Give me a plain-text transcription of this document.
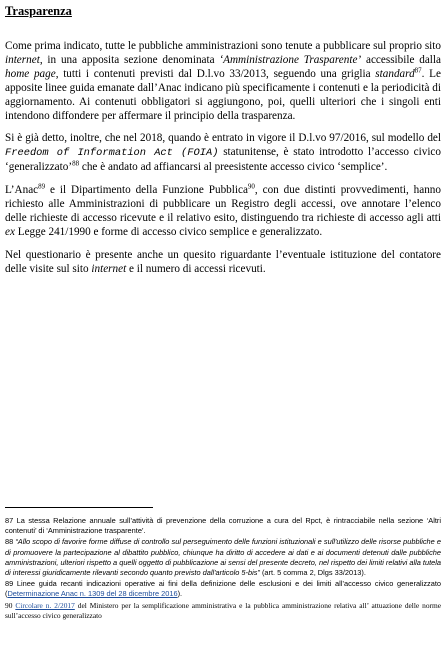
Trasparenza

Come prima indicato, tutte le pubbliche amministrazioni sono tenute a pubblicare sul proprio sito internet, in una apposita sezione denominata ‘Amministrazione Trasparente’ accessibile dalla home page, tutti i contenuti previsti dal D.l.vo 33/2013, seguendo una griglia standard$^{87}$. Le apposite linee guida emanate dall’Anac indicano più specificamente i contenuti e la periodicità di aggiornamento. Ai contenuti obbligatori si aggiungono, poi, quelli ulteriori che i singoli enti intendono diffondere per affermare il principio della trasparenza.

Si è già detto, inoltre, che nel 2018, quando è entrato in vigore il D.l.vo 97/2016, sul modello del Freedom of Information Act (FOIA) statunitense, è stato introdotto l’accesso civico ‘generalizzato’$^{88}$ che è andato ad affiancarsi al preesistente accesso civico ‘semplice’.

L’Anac$^{89}$ e il Dipartimento della Funzione Pubblica$^{90}$, con due distinti provvedimenti, hanno richiesto alle Amministrazioni di pubblicare un Registro degli accessi, ove annotare l’elenco delle richieste di accesso ricevute e il relativo esito, distinguendo tra richieste di accesso agli atti ex Legge 241/1990 e forme di accesso civico semplice e generalizzato.

Nel questionario è presente anche un quesito riguardante l’eventuale istituzione del contatore delle visite sul sito internet e il numero di accessi ricevuti.

87 La stessa Relazione annuale sull’attività di prevenzione della corruzione a cura del Rpct, è rintracciabile nella sezione ‘Altri contenuti’ di ‘Amministrazione trasparente’.

88 “Allo scopo di favorire forme diffuse di controllo sul perseguimento delle funzioni istituzionali e sull'utilizzo delle risorse pubbliche e di promuovere la partecipazione al dibattito pubblico, chiunque ha diritto di accedere ai dati e ai documenti detenuti dalle pubbliche amministrazioni, ulteriori rispetto a quelli oggetto di pubblicazione ai sensi del presente decreto, nel rispetto dei limiti relativi alla tutela di interessi giuridicamente rilevanti secondo quanto previsto dall'articolo 5-bis” (art. 5 comma 2, Dlgs 33/2013).

89 Linee guida recanti indicazioni operative ai fini della definizione delle esclusioni e dei limiti all’accesso civico generalizzato (Determinazione Anac n. 1309 del 28 dicembre 2016).

90 Circolare n. 2/2017 del Ministero per la semplificazione amministrativa e la pubblica amministrazione relativa all’ attuazione delle norme sull’accesso civico generalizzato
